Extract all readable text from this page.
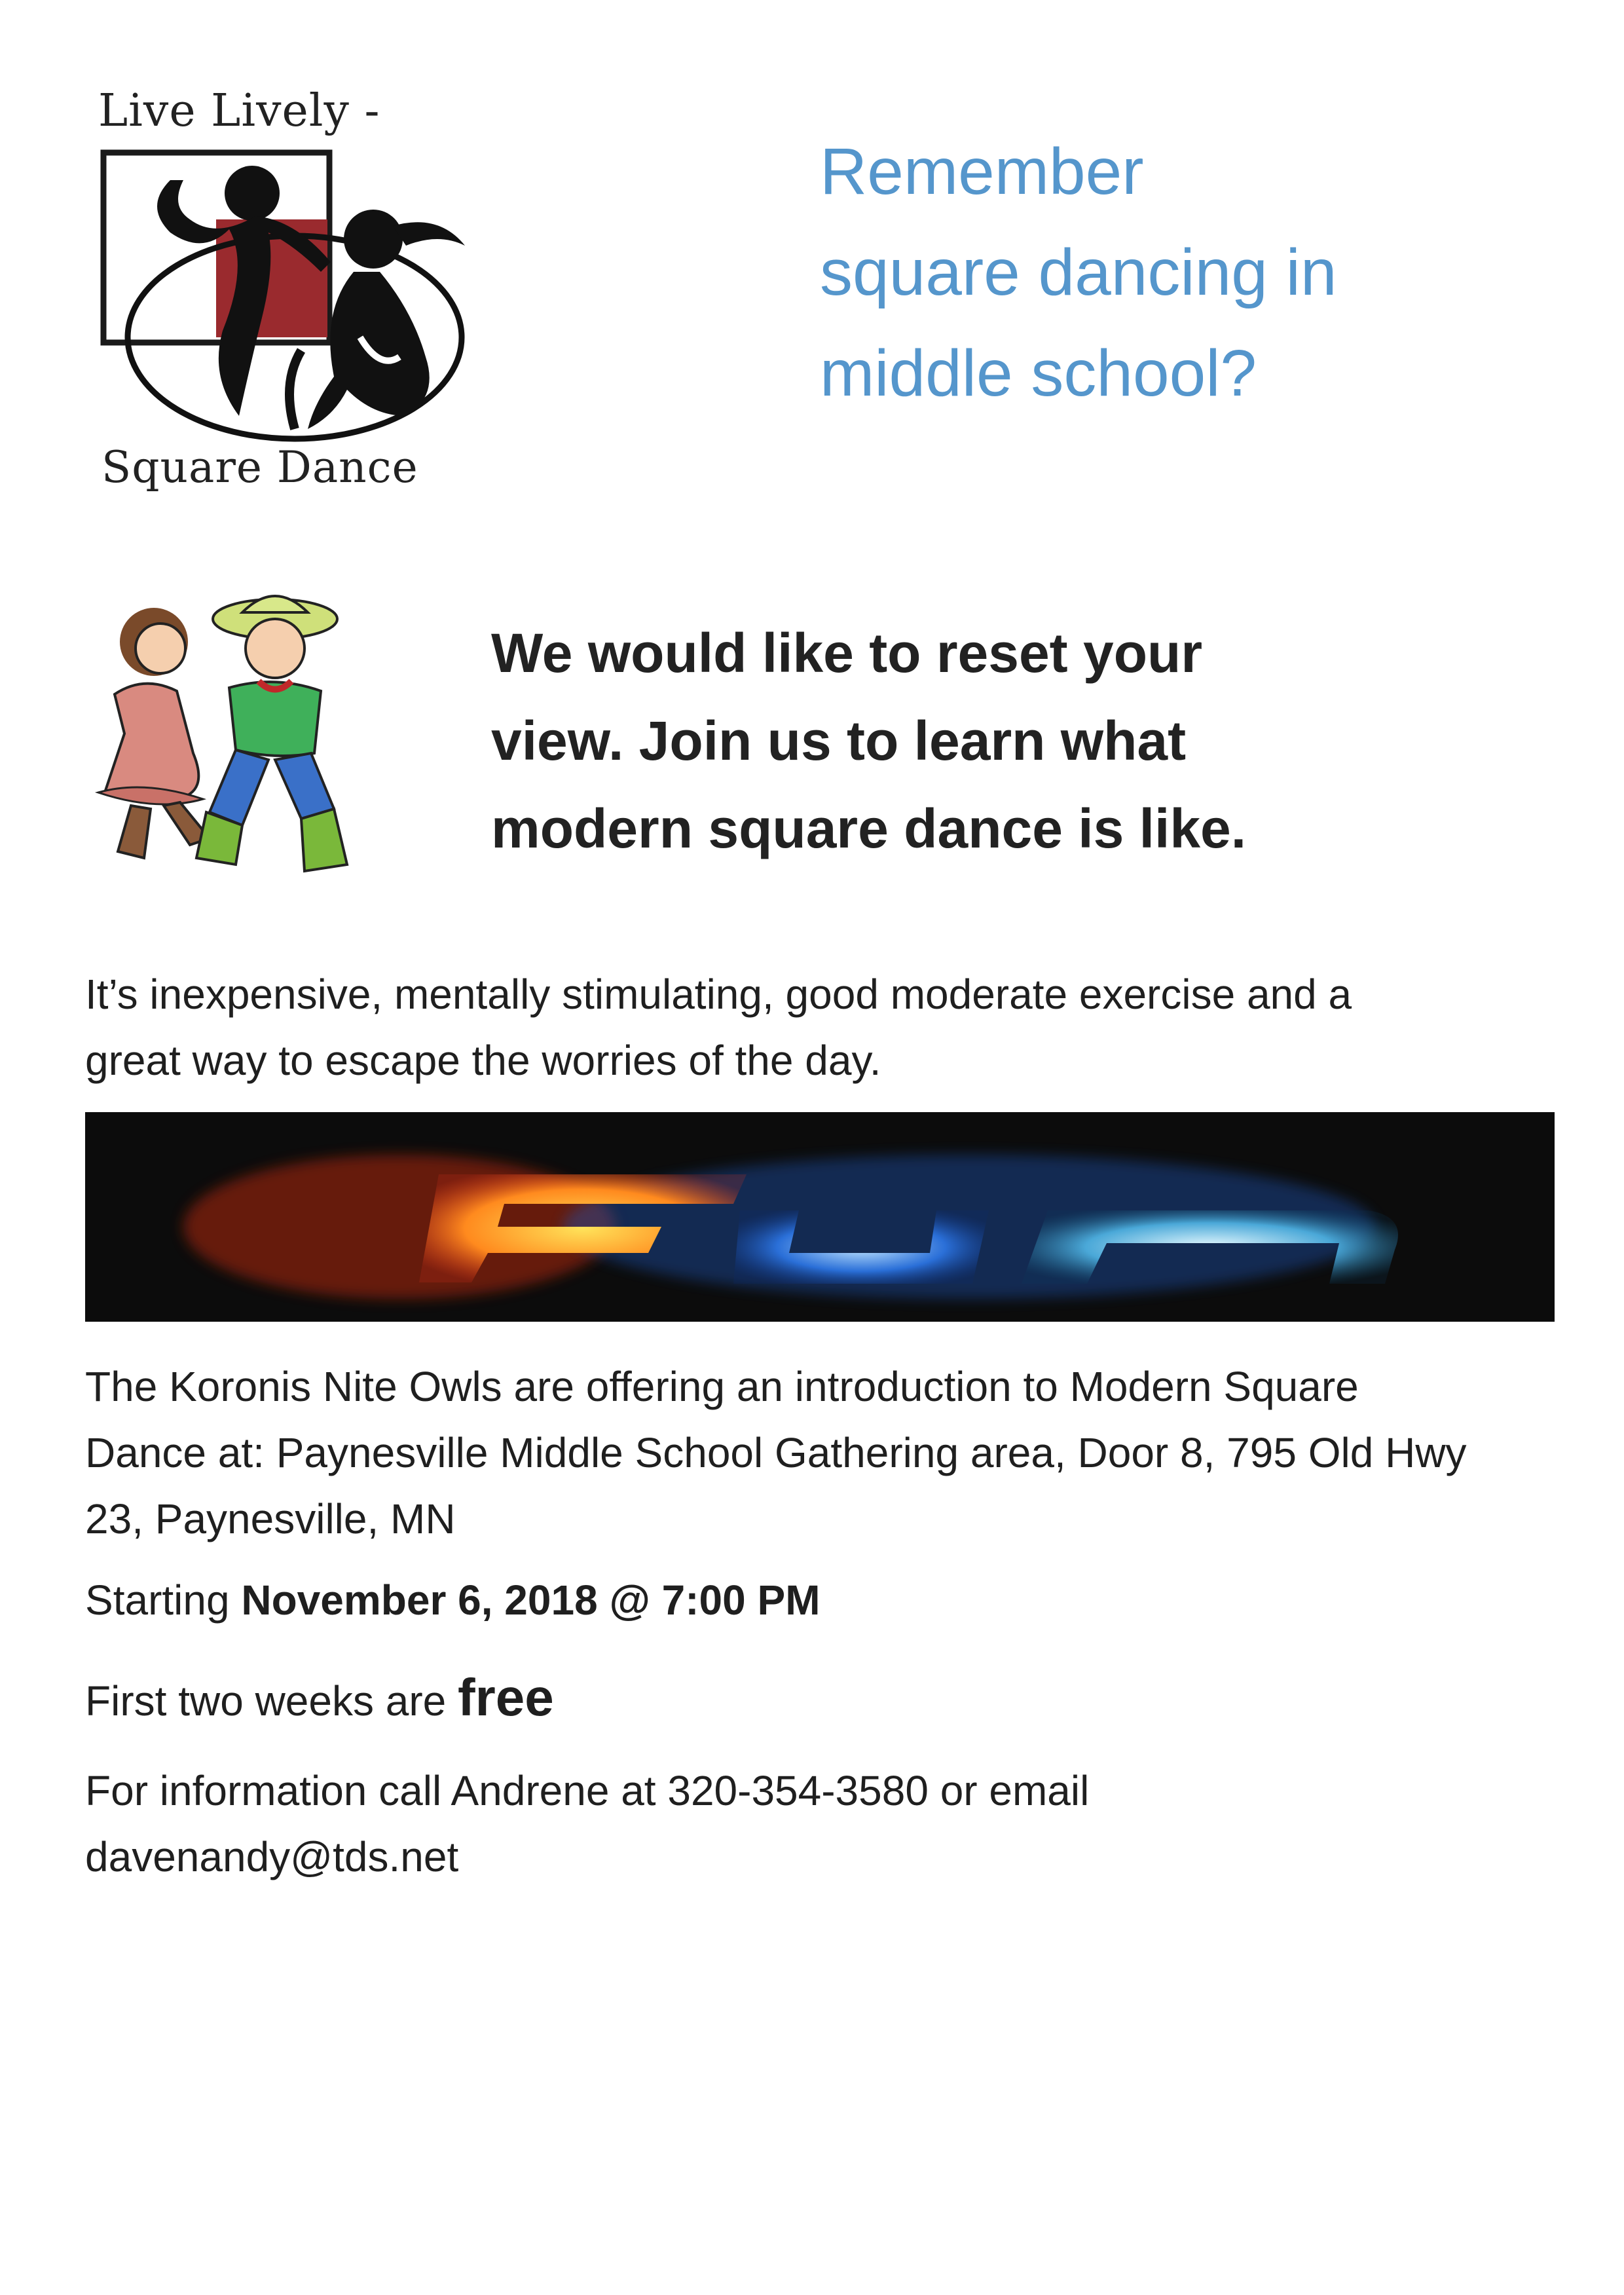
Live Lively -
Square Dance
Remember
square dancing in
middle school?
We would like to reset your
view. Join us to learn what
modern square dance is like.
It’s inexpensive, mentally stimulating, good moderate exercise and a
great way to escape the worries of the day.
The Koronis Nite Owls are offering an introduction to Modern Square
Dance at: Paynesville Middle School Gathering area, Door 8, 795 Old Hwy
23, Paynesville, MN
Starting November 6, 2018 @ 7:00 PM
First two weeks are free
For information call Andrene at 320-354-3580 or email
davenandy@tds.net
